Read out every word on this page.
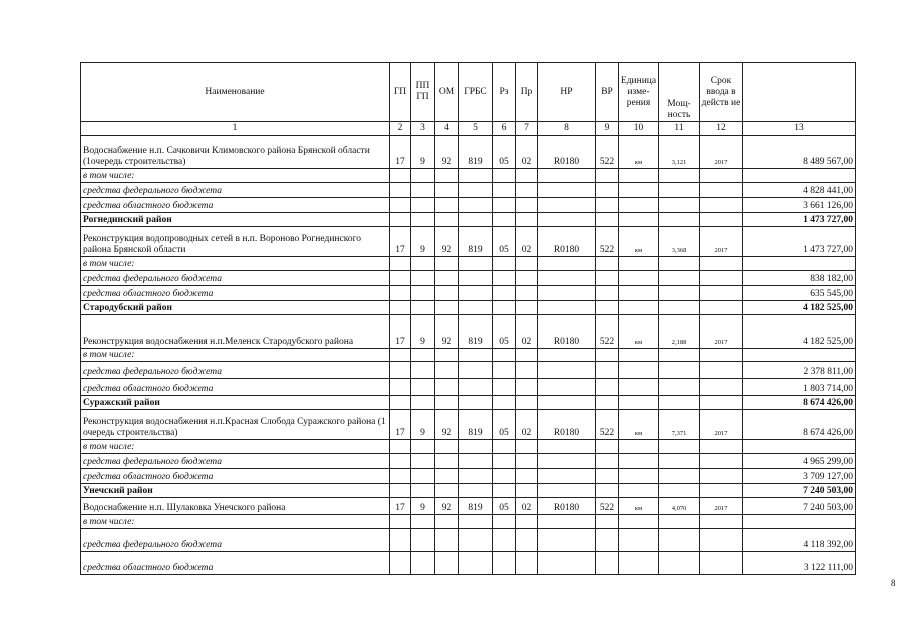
Наименование	ГП	ПП ГП	ОМ	ГРБС	Рз	Пр	НР	ВР	Единица изме-рения	Мощ-ность	Срок ввода в действ ие	
1	2	3	4	5	6	7	8	9	10	11	12	13
Водоснабжение н.п. Сачковичи Климовского района Брянской области (1очередь строительства)	17	9	92	819	05	02	R0180	522	км	3,121	2017	8 489 567,00
в том числе:												
средства федерального бюджета												4 828 441,00
средства областного бюджета												3 661 126,00
Рогнединский район												1 473 727,00
Реконструкция водопроводных сетей в н.п. Вороново Рогнединского района Брянской области	17	9	92	819	05	02	R0180	522	км	3,368	2017	1 473 727,00
в том числе:												
средства федерального бюджета												838 182,00
средства областного бюджета												635 545,00
Стародубский район												4 182 525,00
Реконструкция водоснабжения н.п.Меленск Стародубского района	17	9	92	819	05	02	R0180	522	км	2,188	2017	4 182 525,00
в том числе:												
средства федерального бюджета												2 378 811,00
средства областного бюджета												1 803 714,00
Суражский район												8 674 426,00
Реконструкция водоснабжения н.п.Красная Слобода Суражского района (1 очередь строительства)	17	9	92	819	05	02	R0180	522	км	7,371	2017	8 674 426,00
в том числе:												
средства федерального бюджета												4 965 299,00
средства областного бюджета												3 709 127,00
Унечский район												7 240 503,00
Водоснабжение н.п. Шулаковка Унечского района	17	9	92	819	05	02	R0180	522	км	4,070	2017	7 240 503,00
в том числе:												
средства федерального бюджета												4 118 392,00
средства областного бюджета												3 122 111,00
8
